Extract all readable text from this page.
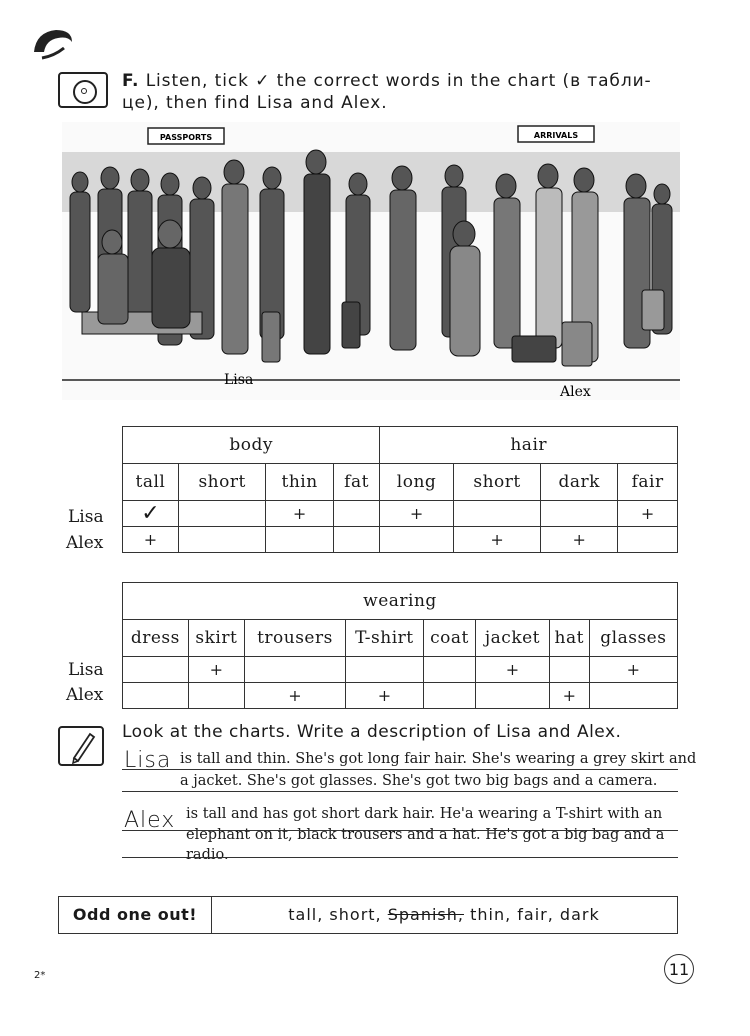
F. Listen, tick ✓ the correct words in the chart (в табли-
це), then find Lisa and Alex.
PASSPORTS	ARRIVALS
Lisa
Alex
Lisa
Alex
body				hair			
tall	short	thin	fat	long	short	dark	fair
✓		+		+			+
+					+	+	
Lisa
Alex
wearing							
dress	skirt	trousers	T-shirt	coat	jacket	hat	glasses
	+				+		+
		+	+			+	
Look at the charts. Write a description of Lisa and Alex.
Lisa is tall and thin. She's got long fair hair. She's wearing a grey skirt and
a jacket. She's got glasses. She's got two big bags and a camera.
Alex is tall and has got short dark hair. He'a wearing a T-shirt with an
elephant on it, black trousers and a hat. He's got a big bag and a
radio.
Odd one out!	tall, short, Spanish, thin, fair, dark
11
2*
